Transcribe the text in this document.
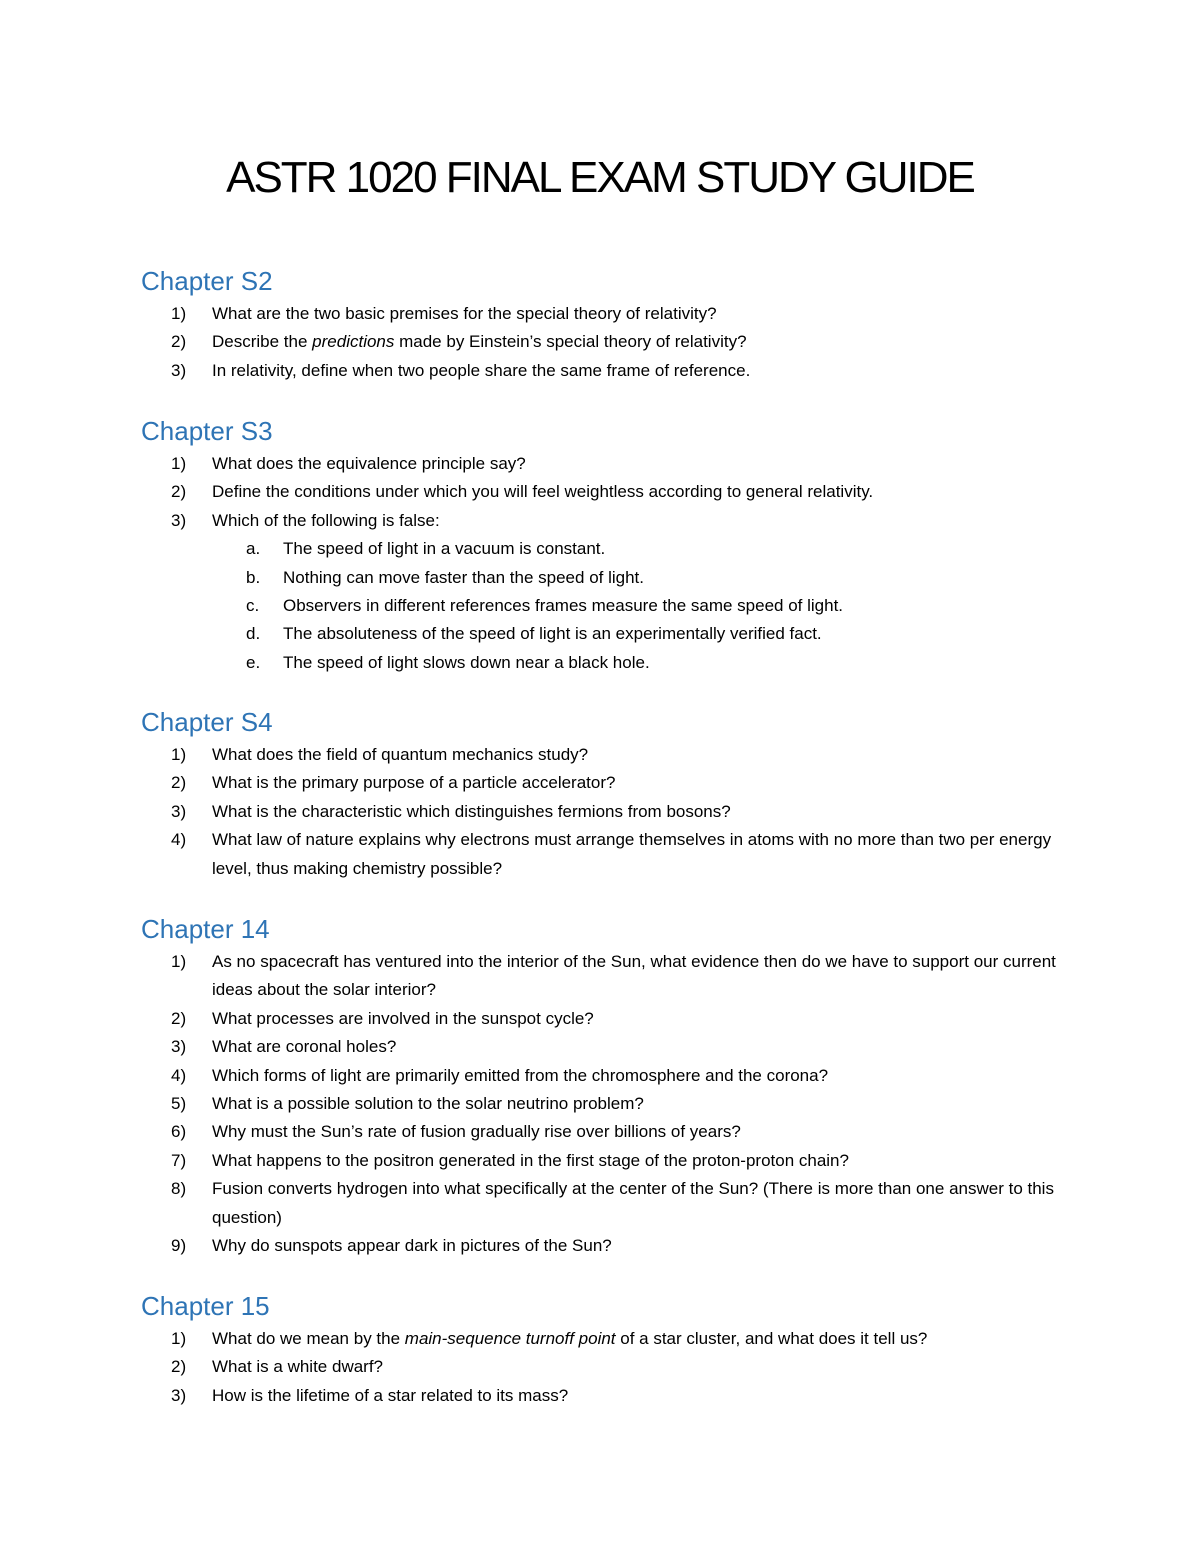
ASTR 1020 FINAL EXAM STUDY GUIDE
Chapter S2
1) What are the two basic premises for the special theory of relativity?
2) Describe the predictions made by Einstein’s special theory of relativity?
3) In relativity, define when two people share the same frame of reference.
Chapter S3
1) What does the equivalence principle say?
2) Define the conditions under which you will feel weightless according to general relativity.
3) Which of the following is false:
a. The speed of light in a vacuum is constant.
b. Nothing can move faster than the speed of light.
c. Observers in different references frames measure the same speed of light.
d. The absoluteness of the speed of light is an experimentally verified fact.
e. The speed of light slows down near a black hole.
Chapter S4
1) What does the field of quantum mechanics study?
2) What is the primary purpose of a particle accelerator?
3) What is the characteristic which distinguishes fermions from bosons?
4) What law of nature explains why electrons must arrange themselves in atoms with no more than two per energy level, thus making chemistry possible?
Chapter 14
1) As no spacecraft has ventured into the interior of the Sun, what evidence then do we have to support our current ideas about the solar interior?
2) What processes are involved in the sunspot cycle?
3) What are coronal holes?
4) Which forms of light are primarily emitted from the chromosphere and the corona?
5) What is a possible solution to the solar neutrino problem?
6) Why must the Sun’s rate of fusion gradually rise over billions of years?
7) What happens to the positron generated in the first stage of the proton-proton chain?
8) Fusion converts hydrogen into what specifically at the center of the Sun? (There is more than one answer to this question)
9) Why do sunspots appear dark in pictures of the Sun?
Chapter 15
1) What do we mean by the main-sequence turnoff point of a star cluster, and what does it tell us?
2) What is a white dwarf?
3) How is the lifetime of a star related to its mass?
